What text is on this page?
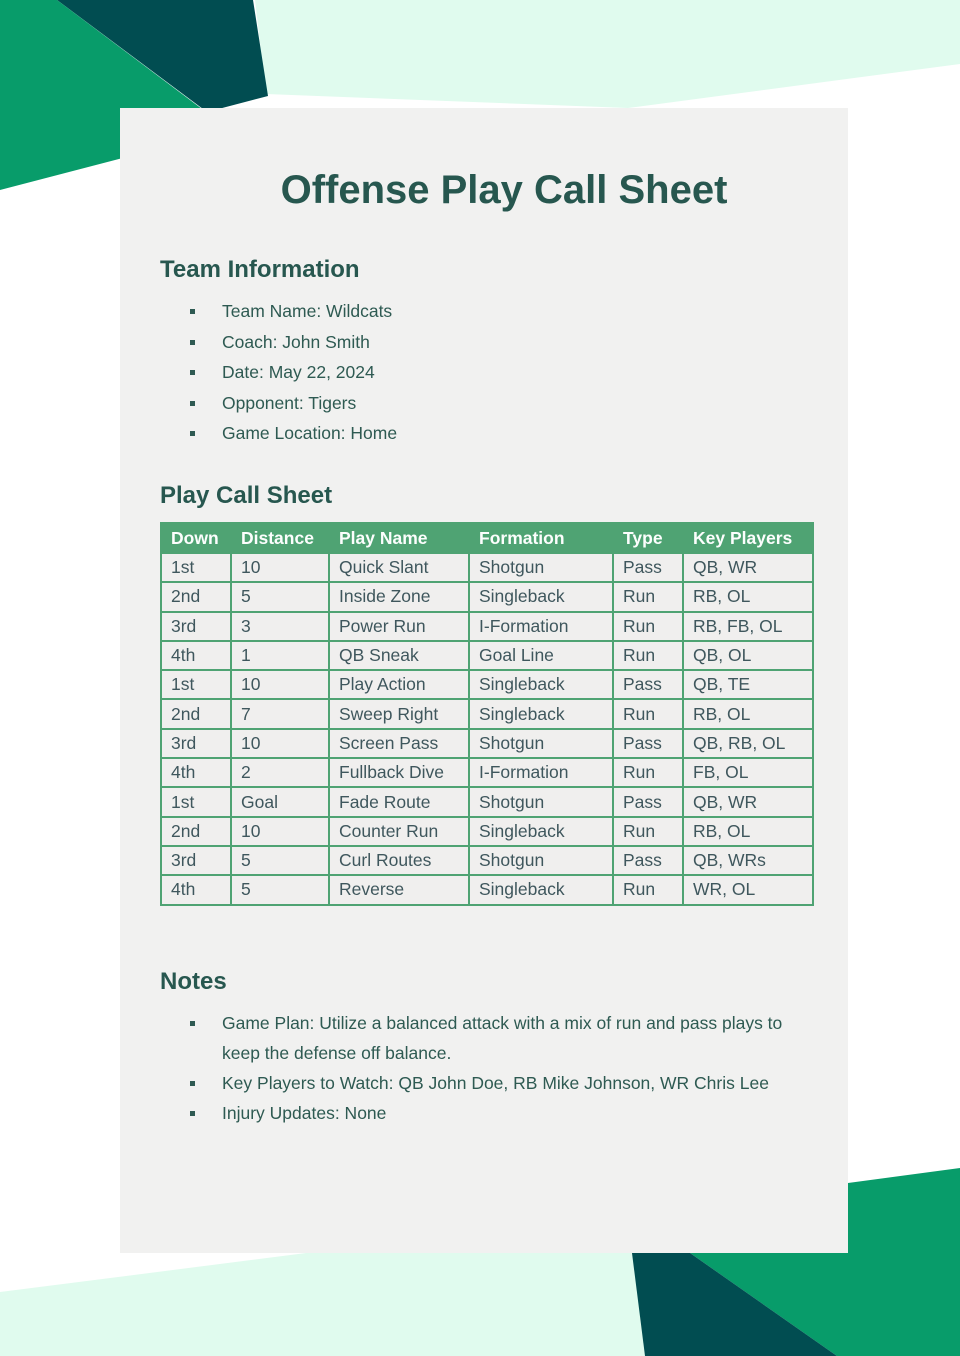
Offense Play Call Sheet
Team Information
Team Name: Wildcats
Coach: John Smith
Date: May 22, 2024
Opponent: Tigers
Game Location: Home
Play Call Sheet
Down	Distance	Play Name	Formation	Type	Key Players
1st	10	Quick Slant	Shotgun	Pass	QB, WR
2nd	5	Inside Zone	Singleback	Run	RB, OL
3rd	3	Power Run	I-Formation	Run	RB, FB, OL
4th	1	QB Sneak	Goal Line	Run	QB, OL
1st	10	Play Action	Singleback	Pass	QB, TE
2nd	7	Sweep Right	Singleback	Run	RB, OL
3rd	10	Screen Pass	Shotgun	Pass	QB, RB, OL
4th	2	Fullback Dive	I-Formation	Run	FB, OL
1st	Goal	Fade Route	Shotgun	Pass	QB, WR
2nd	10	Counter Run	Singleback	Run	RB, OL
3rd	5	Curl Routes	Shotgun	Pass	QB, WRs
4th	5	Reverse	Singleback	Run	WR, OL
Notes
Game Plan: Utilize a balanced attack with a mix of run and pass plays to keep the defense off balance.
Key Players to Watch: QB John Doe, RB Mike Johnson, WR Chris Lee
Injury Updates: None
